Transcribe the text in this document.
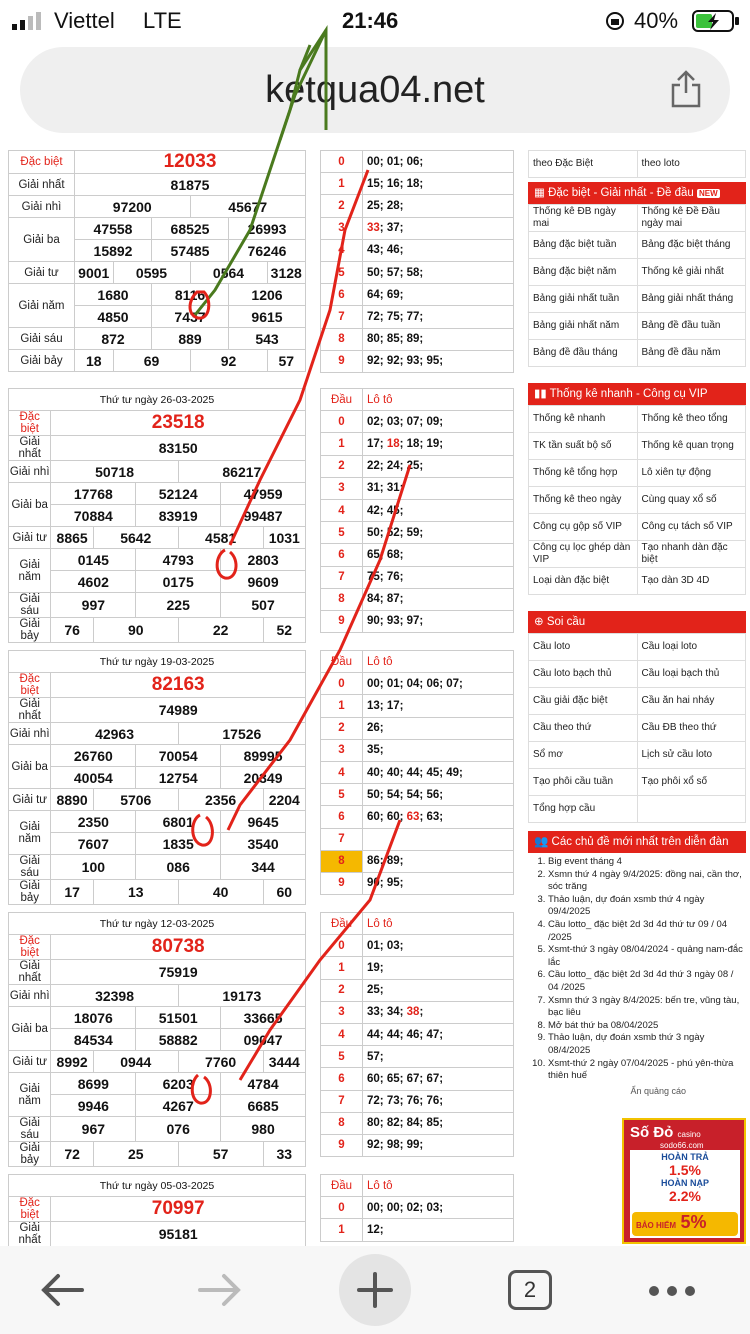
Viettel LTE	21:46	40%
ketqua04.net
Đặc biệt	12033					
Giải nhất	81875					
Giải nhì	97200			45677		
Giải ba	47558		68525		26993	
	15892		57485		76246	
Giải tư	9001	0595		0564		3128
Giải năm	1680		8116		1206	
	4850		7437		9615	
Giải sáu	872		889		543	
Giải bảy	18	69		92		57
Thứ tư ngày 26-03-2025						
Đặc biệt	23518					
Giải nhất	83150					
Giải nhì	50718			86217		
Giải ba	17768		52124		47959	
	70884		83919		99487	
Giải tư	8865	5642		4581		1031
Giải năm	0145		4793		2803	
	4602		0175		9609	
Giải sáu	997		225		507	
Giải bảy	76	90		22		52
Thứ tư ngày 19-03-2025						
Đặc biệt	82163					
Giải nhất	74989					
Giải nhì	42963			17526		
Giải ba	26760		70054		89995	
	40054		12754		20349	
Giải tư	8890	5706		2356		2204
Giải năm	2350		6801		9645	
	7607		1835		3540	
Giải sáu	100		086		344	
Giải bảy	17	13		40		60
Thứ tư ngày 12-03-2025						
Đặc biệt	80738					
Giải nhất	75919					
Giải nhì	32398			19173		
Giải ba	18076		51501		33665	
	84534		58882		09047	
Giải tư	8992	0944		7760		3444
Giải năm	8699		6203		4784	
	9946		4267		6685	
Giải sáu	967		076		980	
Giải bảy	72	25		57		33
Thứ tư ngày 05-03-2025	
Đặc biệt	70997
Giải nhất	95181
0	00; 01; 06;
1	15; 16; 18;
2	25; 28;
3	33; 37;
4	43; 46;
5	50; 57; 58;
6	64; 69;
7	72; 75; 77;
8	80; 85; 89;
9	92; 92; 93; 95;
Đầu	Lô tô
0	02; 03; 07; 09;
1	17; 18; 18; 19;
2	22; 24; 25;
3	31; 31;
4	42; 45;
5	50; 52; 59;
6	65; 68;
7	75; 76;
8	84; 87;
9	90; 93; 97;
Đầu	Lô tô
0	00; 01; 04; 06; 07;
1	13; 17;
2	26;
3	35;
4	40; 40; 44; 45; 49;
5	50; 54; 54; 56;
6	60; 60; 63; 63;
7	
8	86; 89;
9	90; 95;
Đầu	Lô tô
0	01; 03;
1	19;
2	25;
3	33; 34; 38;
4	44; 44; 46; 47;
5	57;
6	60; 65; 67; 67;
7	72; 73; 76; 76;
8	80; 82; 84; 85;
9	92; 98; 99;
Đầu	Lô tô
0	00; 00; 02; 03;
1	12;
theo Đặc Biệt	theo loto
▦ Đặc biệt - Giải nhất - Đề đầu NEW
Thống kê ĐB ngày mai	Thống kê Đề Đầu ngày mai
Bảng đặc biệt tuần	Bảng đặc biệt tháng
Bảng đặc biệt năm	Thống kê giải nhất
Bảng giải nhất tuần	Bảng giải nhất tháng
Bảng giải nhất năm	Bảng đề đầu tuần
Bảng đề đầu tháng	Bảng đề đầu năm
▮▮ Thống kê nhanh - Công cụ VIP
Thống kê nhanh	Thống kê theo tổng
TK tần suất bộ số	Thống kê quan trọng
Thống kê tổng hợp	Lô xiên tự động
Thống kê theo ngày	Cùng quay xổ số
Công cụ gộp số VIP	Công cụ tách số VIP
Công cụ lọc ghép dàn VIP	Tạo nhanh dàn đặc biệt
Loại dàn đặc biệt	Tạo dàn 3D 4D
⊕ Soi cầu
Cầu loto	Cầu loại loto
Cầu loto bạch thủ	Cầu loại bạch thủ
Cầu giải đặc biệt	Cầu ăn hai nháy
Cầu theo thứ	Cầu ĐB theo thứ
Sổ mơ	Lịch sử cầu loto
Tạo phôi cầu tuần	Tạo phôi xổ số
Tổng hợp cầu	
👥 Các chủ đề mới nhất trên diễn đàn
1. Big event tháng 4
2. Xsmn thứ 4 ngày 9/4/2025: đồng nai, cần thơ, sóc trăng
3. Thảo luận, dự đoán xsmb thứ 4 ngày 09/4/2025
4. Cầu lotto_ đặc biệt 2d 3d 4d thứ tư 09 / 04 /2025
5. Xsmt-thứ 3 ngày 08/04/2024 - quảng nam-đắc lắc
6. Cầu lotto_ đặc biệt 2d 3d 4d thứ 3 ngày 08 / 04 /2025
7. Xsmn thứ 3 ngày 8/4/2025: bến tre, vũng tàu, bạc liêu
8. Mở bát thứ ba 08/04/2025
9. Thảo luận, dự đoán xsmb thứ 3 ngày 08/4/2025
10. Xsmt-thứ 2 ngày 07/04/2025 - phú yên-thừa thiên huế
Ẩn quảng cáo
Số Đỏ casino
sodo66.com
HOÀN TRẢ
1.5%
HOÀN NẠP
2.2%
BẢO HIỂM 5%
2
